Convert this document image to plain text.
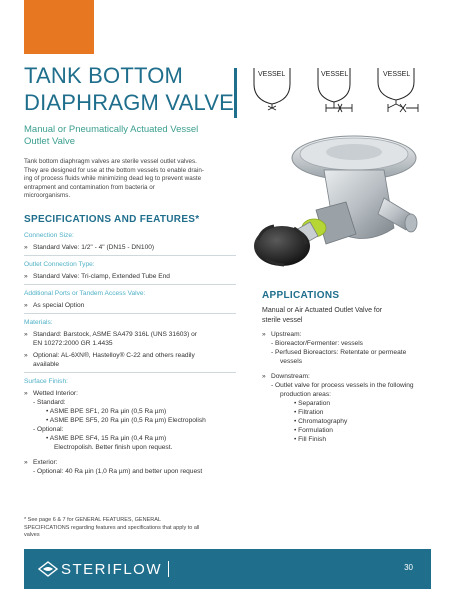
TANK BOTTOM
DIAPHRAGM VALVE
VESSEL	VESSEL	VESSEL
Manual or Pneumatically Actuated Vessel
Outlet Valve
Tank bottom diaphragm valves are sterile vessel outlet valves.
They are designed for use at the bottom vessels to enable drain-
ing of process fluids while minimizing dead leg to prevent waste
entrapment and contamination from bacteria or
microorganisms.
SPECIFICATIONS AND FEATURES*
Connection Size:
» Standard Valve: 1/2" - 4" (DN15 - DN100)
Outlet Connection Type:
» Standard Valve: Tri-clamp, Extended Tube End
Additional Ports or Tandem Access Valve:
» As special Option
Materials:
» Standard: Barstock, ASME SA479 316L (UNS 31603) or
EN 10272:2000 GR 1.4435
» Optional: AL-6XN®, Hastelloy® C-22 and others readily
available
Surface Finish:
» Wetted Interior:
- Standard:
• ASME BPE SF1, 20 Ra µin (0,5 Ra µm)
• ASME BPE SF5, 20 Ra µin (0,5 Ra µm) Electropolish
- Optional:
• ASME BPE SF4, 15 Ra µin (0,4 Ra µm)
Electropolish. Better finish upon request.
» Exterior:
- Optional: 40 Ra µin (1,0 Ra µm) and better upon request
APPLICATIONS
Manual or Air Actuated Outlet Valve for
sterile vessel
» Upstream:
- Bioreactor/Fermenter: vessels
- Perfused Bioreactors: Retentate or permeate
vessels
» Downstream:
- Outlet valve for process vessels in the following
production areas:
• Separation
• Filtration
• Chromatography
• Formulation
• Fill Finish
* See page 6 & 7 for GENERAL FEATURES, GENERAL
SPECIFICATIONS regarding features and specifications that apply to all
valves
STERIFLOW	30
